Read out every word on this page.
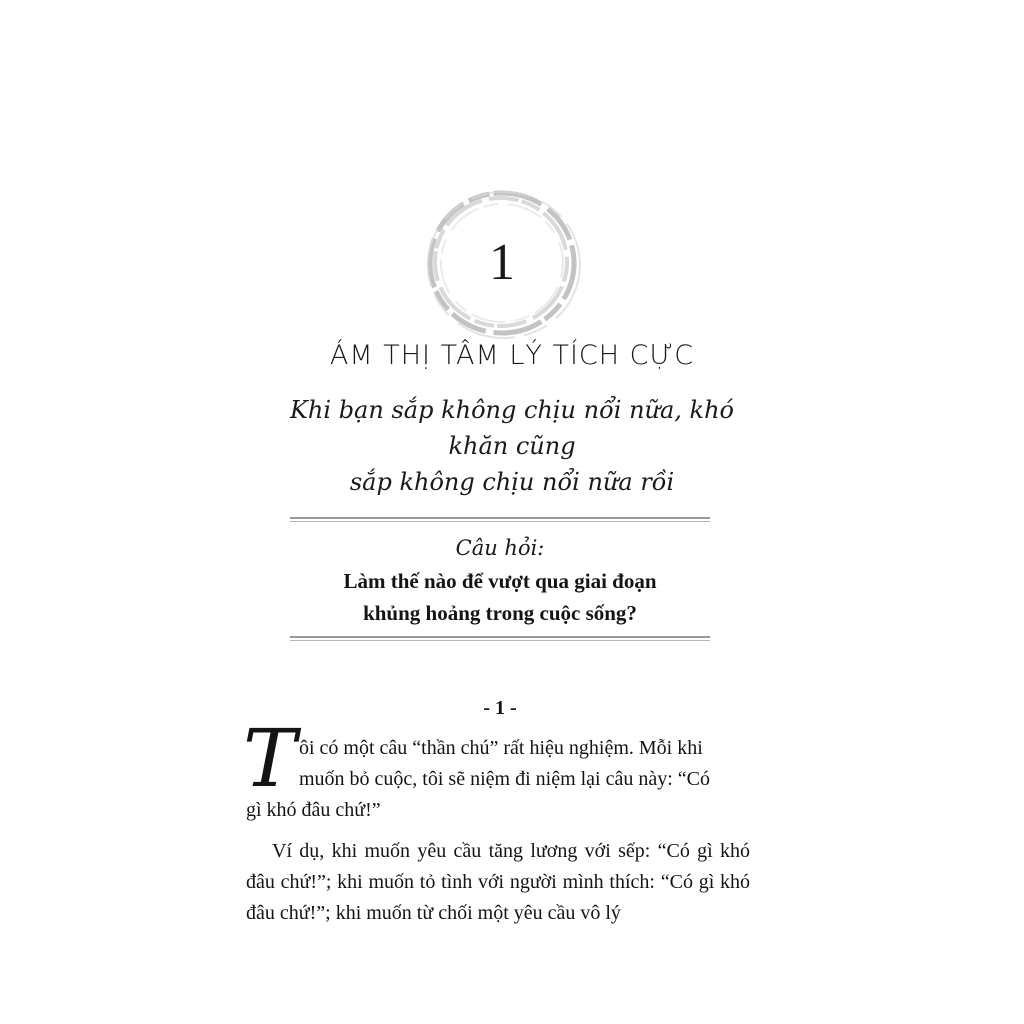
1
ÁM THỊ TÂM LÝ TÍCH CỰC
Khi bạn sắp không chịu nổi nữa, khó khăn cũng
sắp không chịu nổi nữa rồi
Câu hỏi:
Làm thế nào để vượt qua giai đoạn
khủng hoảng trong cuộc sống?
- 1 -
T ôi có một câu “thần chú” rất hiệu nghiệm. Mỗi khi

muốn bỏ cuộc, tôi sẽ niệm đi niệm lại câu này: “Có

gì khó đâu chứ!”

Ví dụ, khi muốn yêu cầu tăng lương với sếp: “Có gì khó đâu chứ!”; khi muốn tỏ tình với người mình thích: “Có gì khó đâu chứ!”; khi muốn từ chối một yêu cầu vô lý
